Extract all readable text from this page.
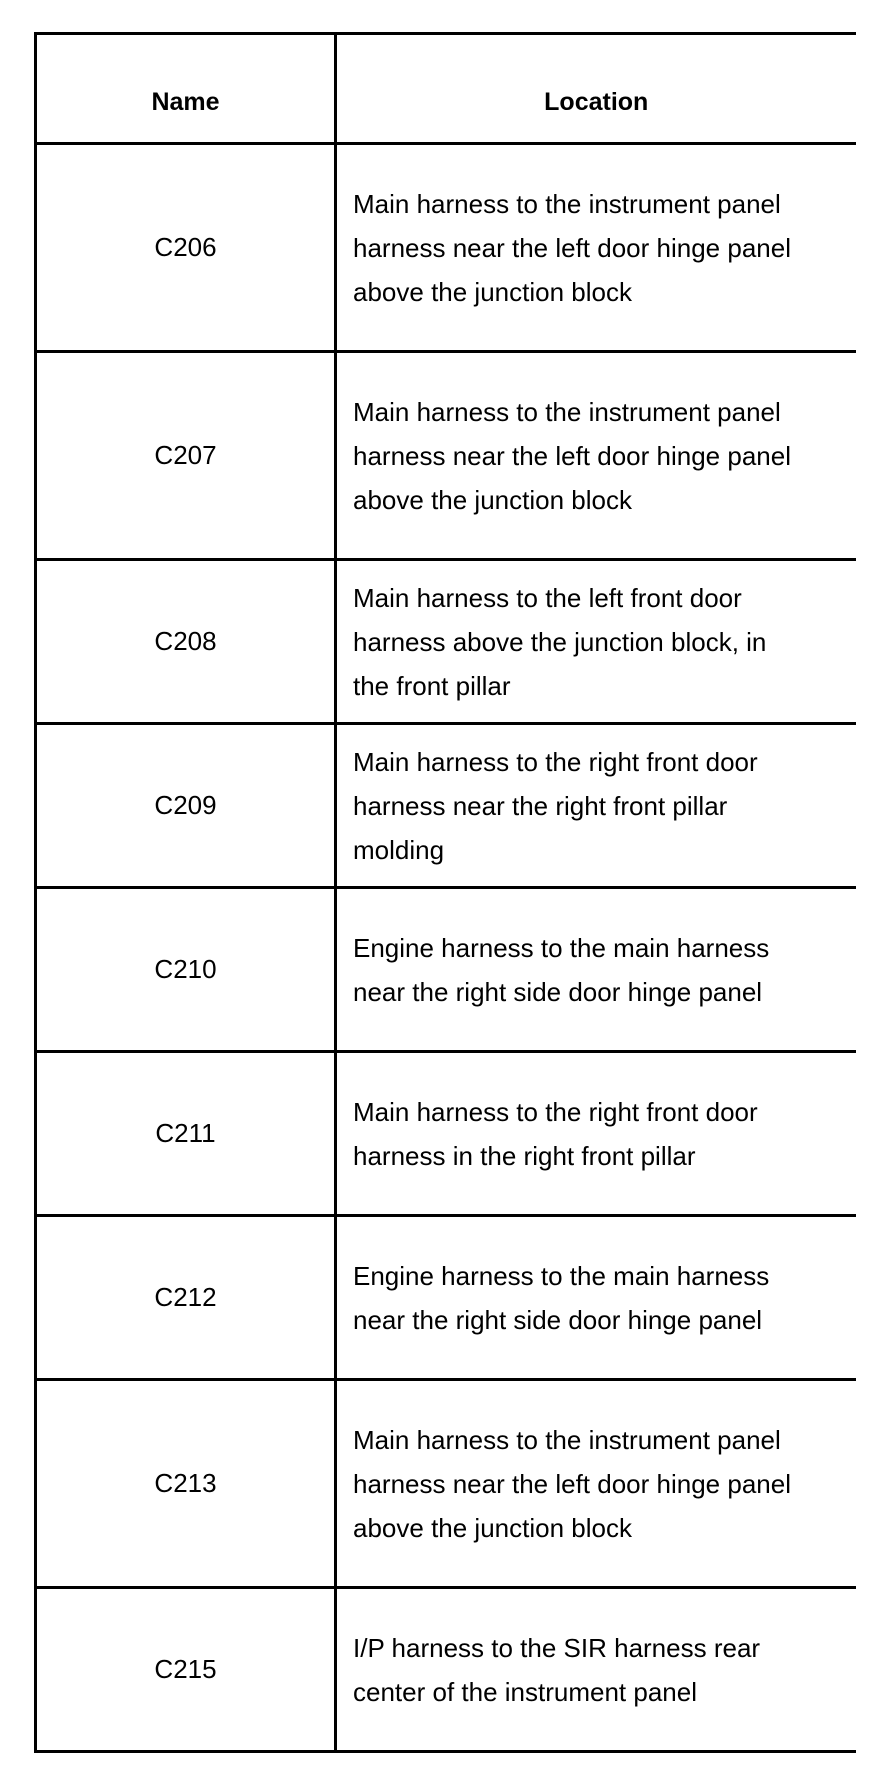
Name	Location
C206	Main harness to the instrument panel harness near the left door hinge panel above the junction block
C207	Main harness to the instrument panel harness near the left door hinge panel above the junction block
C208	Main harness to the left front door harness above the junction block, in the front pillar
C209	Main harness to the right front door harness near the right front pillar molding
C210	Engine harness to the main harness near the right side door hinge panel
C211	Main harness to the right front door harness in the right front pillar
C212	Engine harness to the main harness near the right side door hinge panel
C213	Main harness to the instrument panel harness near the left door hinge panel above the junction block
C215	I/P harness to the SIR harness rear center of the instrument panel
